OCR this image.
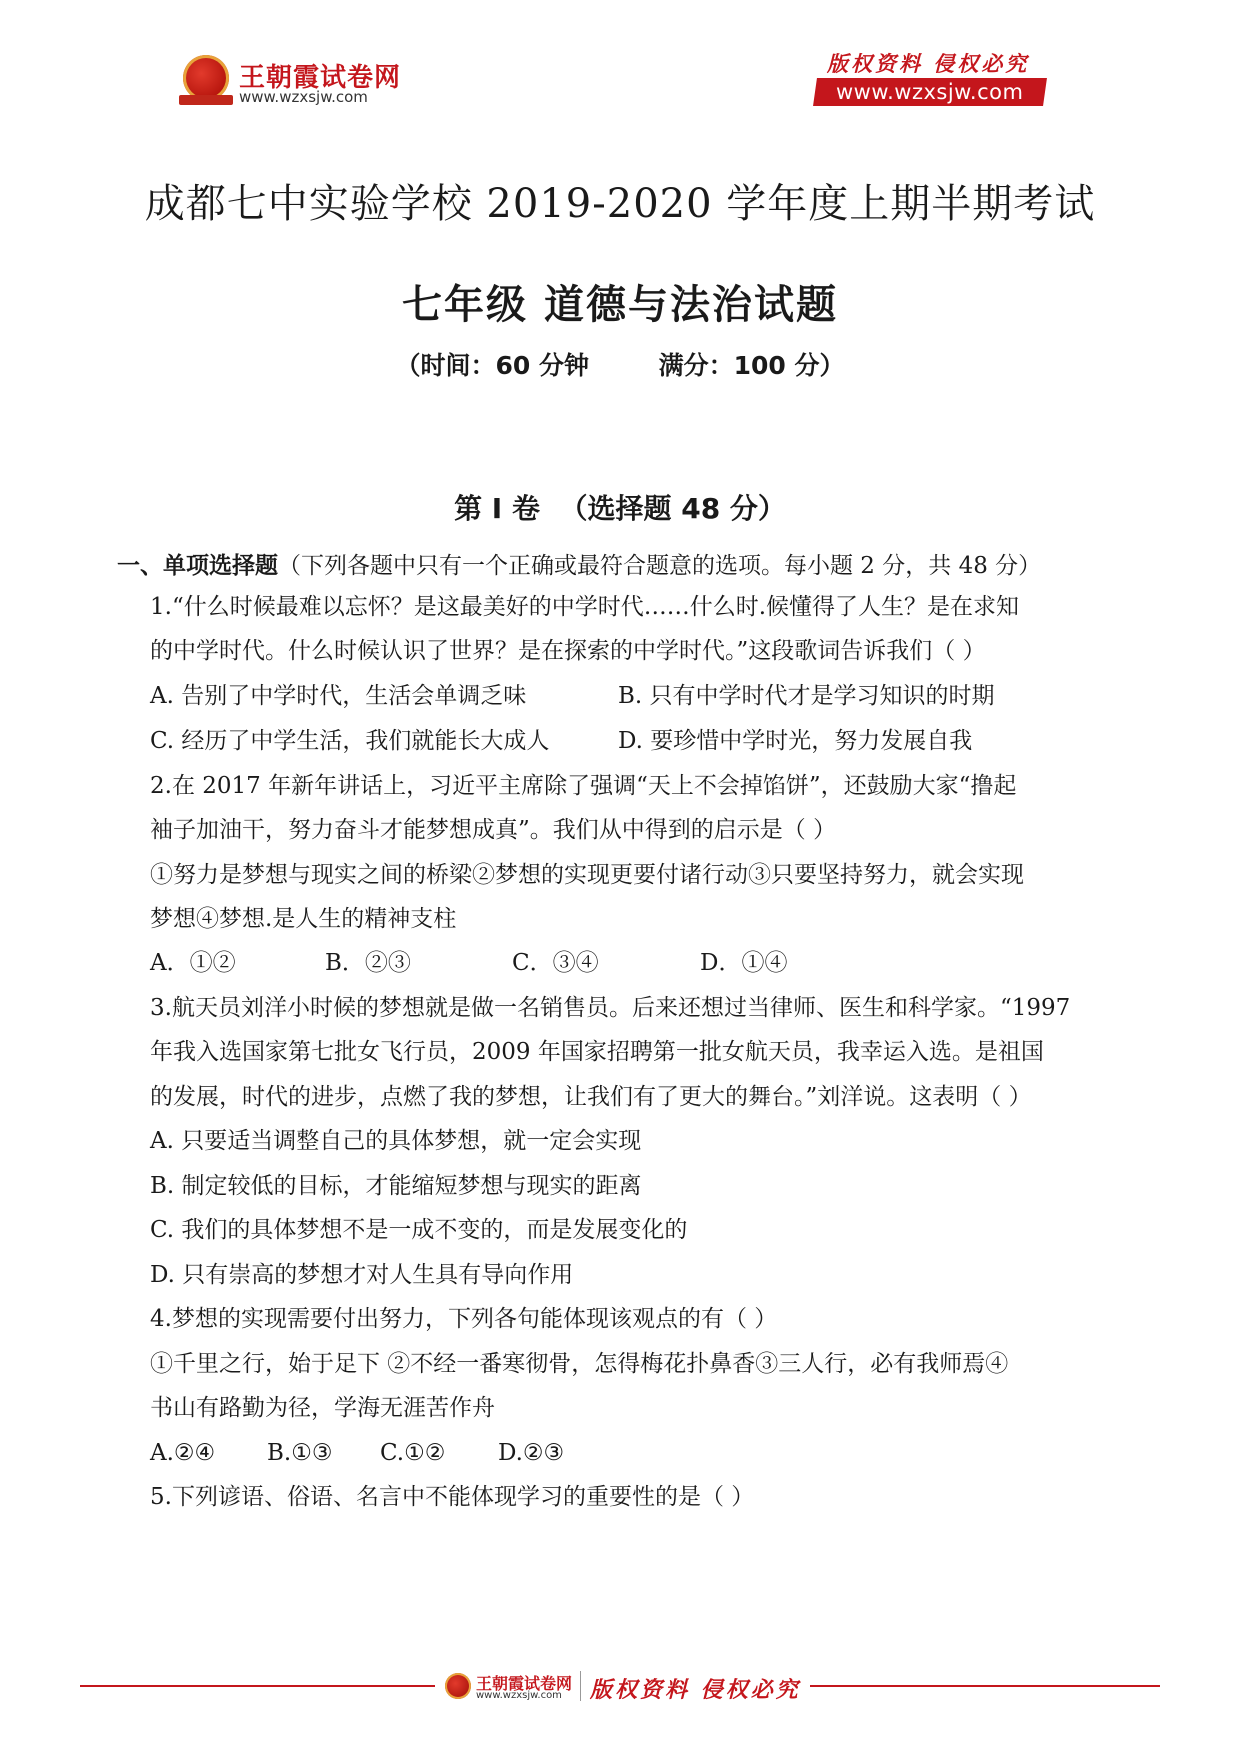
王朝霞试卷网
www.wzxsjw.com
版权资料 侵权必究
www.wzxsjw.com
成都七中实验学校 2019-2020 学年度上期半期考试
七年级 道德与法治试题
（时间：60 分钟        满分：100 分）
第 I 卷  （选择题 48 分）
一、单项选择题（下列各题中只有一个正确或最符合题意的选项。每小题 2 分，共 48 分）
1.“什么时候最难以忘怀？是这最美好的中学时代……什么时.候懂得了人生？是在求知
的中学时代。什么时候认识了世界？是在探索的中学时代。”这段歌词告诉我们（ ）
A. 告别了中学时代，生活会单调乏味	B. 只有中学时代才是学习知识的时期
C. 经历了中学生活，我们就能长大成人	D. 要珍惜中学时光，努力发展自我
2.在 2017 年新年讲话上，习近平主席除了强调“天上不会掉馅饼”，还鼓励大家“撸起
袖子加油干，努力奋斗才能梦想成真”。我们从中得到的启示是（ ）
①努力是梦想与现实之间的桥梁②梦想的实现更要付诸行动③只要坚持努力，就会实现
梦想④梦想.是人生的精神支柱
A．①②	B．②③	C．③④	D．①④
3.航天员刘洋小时候的梦想就是做一名销售员。后来还想过当律师、医生和科学家。“1997
年我入选国家第七批女飞行员，2009 年国家招聘第一批女航天员，我幸运入选。是祖国
的发展，时代的进步，点燃了我的梦想，让我们有了更大的舞台。”刘洋说。这表明（ ）
A. 只要适当调整自己的具体梦想，就一定会实现
B. 制定较低的目标，才能缩短梦想与现实的距离
C. 我们的具体梦想不是一成不变的，而是发展变化的
D. 只有崇高的梦想才对人生具有导向作用
4.梦想的实现需要付出努力，下列各句能体现该观点的有（ ）
①千里之行，始于足下 ②不经一番寒彻骨，怎得梅花扑鼻香③三人行，必有我师焉④
书山有路勤为径，学海无涯苦作舟
A.②④ B.①③ C.①② D.②③
5.下列谚语、俗语、名言中不能体现学习的重要性的是（ ）
王朝霞试卷网
www.wzxsjw.com 版权资料 侵权必究
